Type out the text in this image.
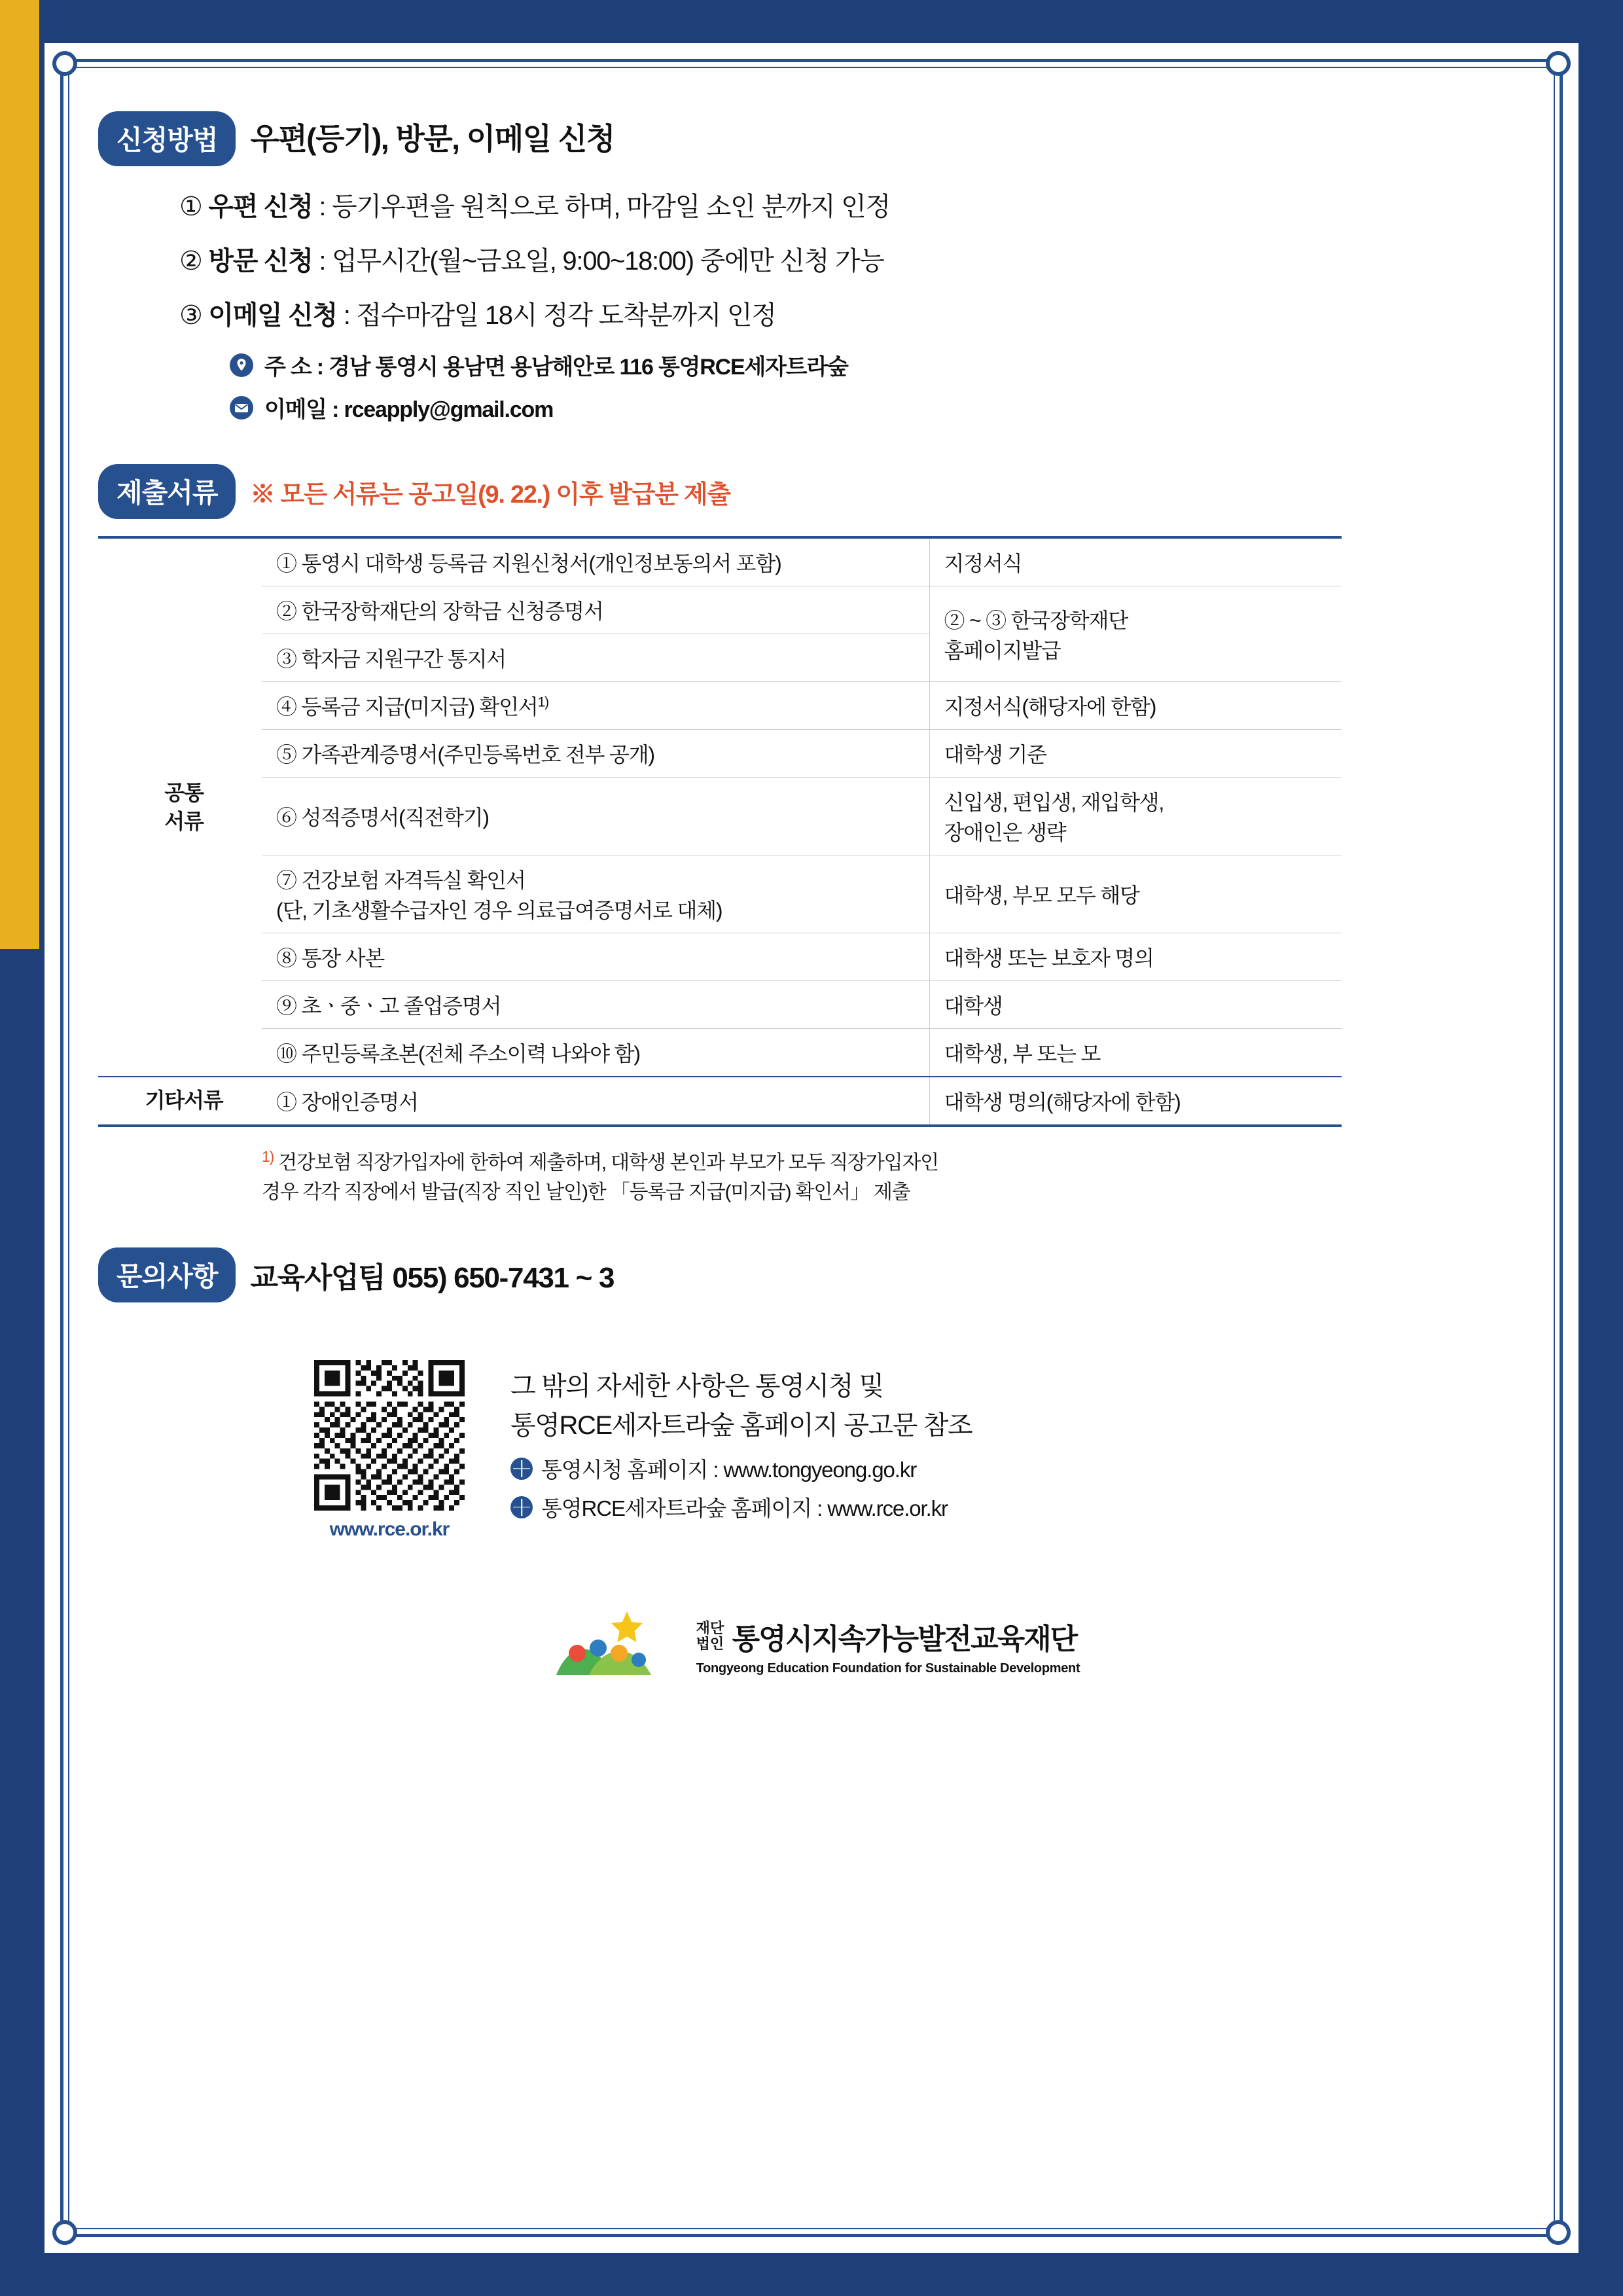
신청방법	우편(등기), 방문, 이메일 신청
① 우편 신청 : 등기우편을 원칙으로 하며, 마감일 소인 분까지 인정
② 방문 신청 : 업무시간(월~금요일, 9:00~18:00) 중에만 신청 가능
③ 이메일 신청 : 접수마감일 18시 정각 도착분까지 인정
주 소 : 경남 통영시 용남면 용남해안로 116 통영RCE세자트라숲
이메일 : rceapply@gmail.com
제출서류	※ 모든 서류는 공고일(9. 22.) 이후 발급분 제출
공통
서류	① 통영시 대학생 등록금 지원신청서(개인정보동의서 포함)	지정서식
	② 한국장학재단의 장학금 신청증명서	② ~ ③ 한국장학재단
홈페이지발급
	③ 학자금 지원구간 통지서	
	④ 등록금 지급(미지급) 확인서$^{1)}$	지정서식(해당자에 한함)
	⑤ 가족관계증명서(주민등록번호 전부 공개)	대학생 기준
	⑥ 성적증명서(직전학기)	신입생, 편입생, 재입학생,
장애인은 생략
	⑦ 건강보험 자격득실 확인서
(단, 기초생활수급자인 경우 의료급여증명서로 대체)	대학생, 부모 모두 해당
	⑧ 통장 사본	대학생 또는 보호자 명의
	⑨ 초ㆍ중ㆍ고 졸업증명서	대학생
	⑩ 주민등록초본(전체 주소이력 나와야 함)	대학생, 부 또는 모
기타서류	① 장애인증명서	대학생 명의(해당자에 한함)
$^{1)}$ 건강보험 직장가입자에 한하여 제출하며, 대학생 본인과 부모가 모두 직장가입자인
경우 각각 직장에서 발급(직장 직인 날인)한 「등록금 지급(미지급) 확인서」 제출
문의사항	교육사업팀 055) 650-7431 ~ 3
www.rce.or.kr
그 밖의 자세한 사항은 통영시청 및
통영RCE세자트라숲 홈페이지 공고문 참조
통영시청 홈페이지 : www.tongyeong.go.kr
통영RCE세자트라숲 홈페이지 : www.rce.or.kr
재단
법인 통영시지속가능발전교육재단
Tongyeong Education Foundation for Sustainable Development
